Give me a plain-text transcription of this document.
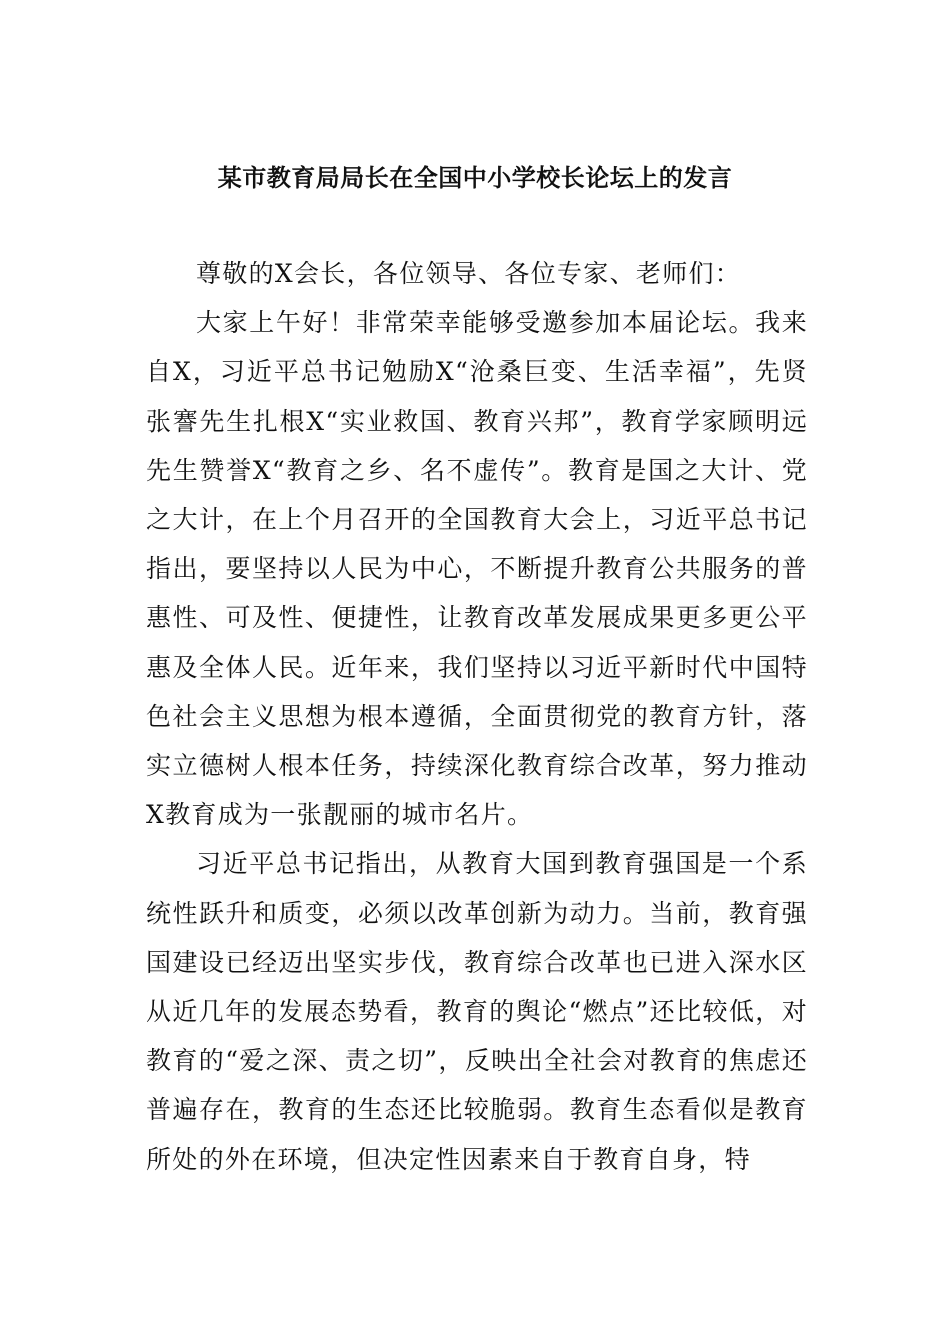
某市教育局局长在全国中小学校长论坛上的发言

尊敬的X会长，各位领导、各位专家、老师们：

大家上午好！非常荣幸能够受邀参加本届论坛。我来自X，习近平总书记勉励X“沧桑巨变、生活幸福”，先贤张謇先生扎根X“实业救国、教育兴邦”，教育学家顾明远先生赞誉X“教育之乡、名不虚传”。教育是国之大计、党之大计，在上个月召开的全国教育大会上，习近平总书记指出，要坚持以人民为中心，不断提升教育公共服务的普惠性、可及性、便捷性，让教育改革发展成果更多更公平惠及全体人民。近年来，我们坚持以习近平新时代中国特色社会主义思想为根本遵循，全面贯彻党的教育方针，落实立德树人根本任务，持续深化教育综合改革，努力推动X教育成为一张靓丽的城市名片。

习近平总书记指出，从教育大国到教育强国是一个系统性跃升和质变，必须以改革创新为动力。当前，教育强国建设已经迈出坚实步伐，教育综合改革也已进入深水区从近几年的发展态势看，教育的舆论“燃点”还比较低，对教育的“爱之深、责之切”，反映出全社会对教育的焦虑还普遍存在，教育的生态还比较脆弱。教育生态看似是教育所处的外在环境，但决定性因素来自于教育自身，特
